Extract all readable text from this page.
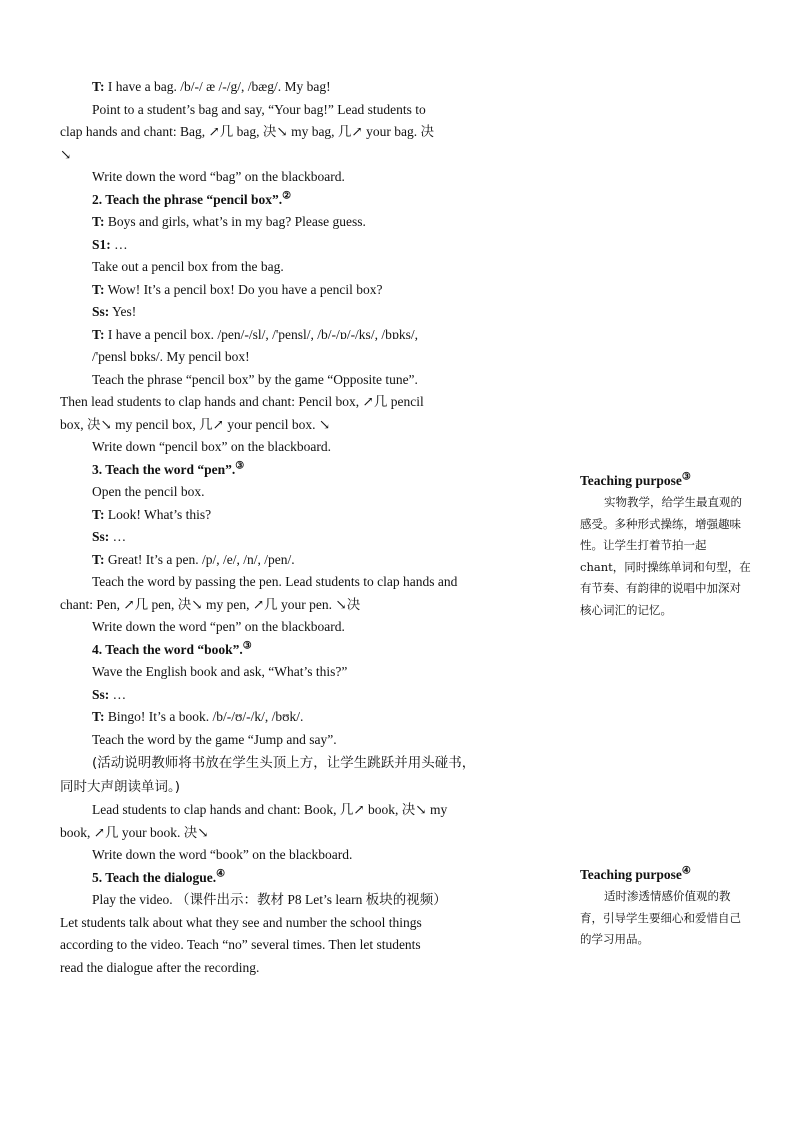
T: I have a bag. /b/-/ æ /-/g/, /bæg/. My bag!
Point to a student’s bag and say, “Your bag!” Lead students to
clap hands and chant: Bag, ↗几 bag, 决↘ my bag, 几↗ your bag. 决
↘
Write down the word “bag” on the blackboard.
2. Teach the phrase “pencil box”.②
T: Boys and girls, what’s in my bag? Please guess.
S1: …
Take out a pencil box from the bag.
T: Wow! It’s a pencil box! Do you have a pencil box?
Ss: Yes!
T: I have a pencil box. /pen/-/sl/, /'pensl/, /b/-/ɒ/-/ks/, /bɒks/,
/'pensl bɒks/. My pencil box!
Teach the phrase “pencil box” by the game “Opposite tune”.
Then lead students to clap hands and chant: Pencil box, ↗几 pencil
box, 决↘ my pencil box, 几↗ your pencil box. ↘
Write down “pencil box” on the blackboard.
3. Teach the word “pen”.③
Open the pencil box.
T: Look! What’s this?
Ss: …
T: Great! It’s a pen. /p/, /e/, /n/, /pen/.
Teach the word by passing the pen. Lead students to clap hands and
chant: Pen, ↗几 pen, 决↘ my pen, ↗几 your pen. ↘决
Write down the word “pen” on the blackboard.
4. Teach the word “book”.③
Wave the English book and ask, “What’s this?”
Ss: …
T: Bingo! It’s a book. /b/-/ʊ/-/k/, /bʊk/.
Teach the word by the game “Jump and say”.
(活动说明教师将书放在学生头顶上方，让学生跳跃并用头碰书，
同时大声朗读单词。)
Lead students to clap hands and chant: Book, 几↗ book, 决↘ my
book, ↗几 your book. 决↘
Write down the word “book” on the blackboard.
5. Teach the dialogue.④
Play the video. （课件出示：教材 P8 Let’s learn 板块的视频）
Let students talk about what they see and number the school things
according to the video. Teach “no” several times. Then let students
read the dialogue after the recording.
Teaching purpose③
实物教学，给学生最直观的感受。多种形式操练，增强趣味性。让学生打着节拍一起 chant，同时操练单词和句型，在有节奏、有韵律的说唱中加深对核心词汇的记忆。
Teaching purpose④
适时渗透情感价值观的教育，引导学生要细心和爱惜自己的学习用品。
